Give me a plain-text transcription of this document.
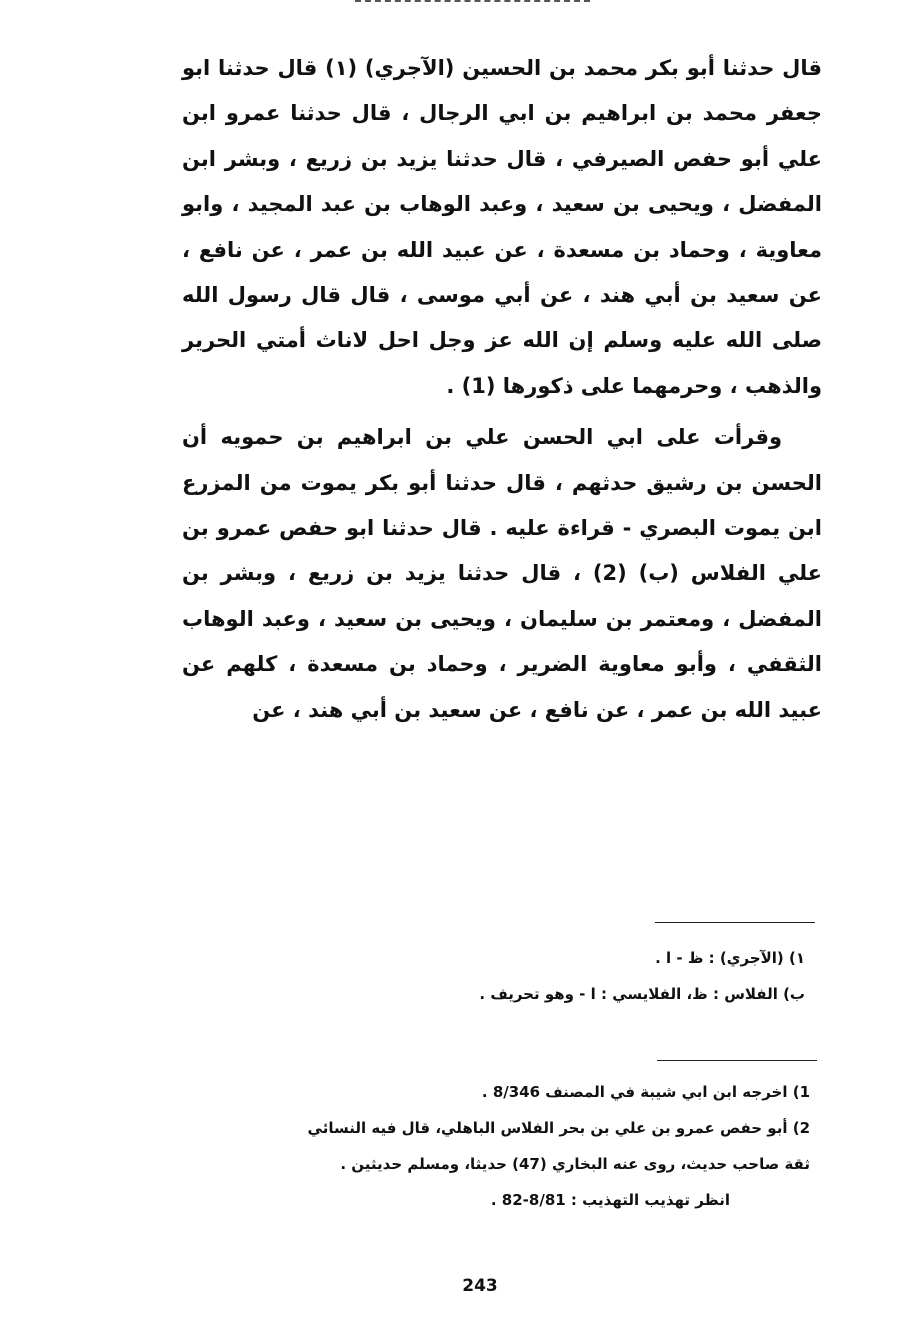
قال حدثنا أبو بكر محمد بن الحسين (الآجري) (١) قال حدثنا ابو جعفر محمد بن ابراهيم بن ابي الرجال ، قال حدثنا عمرو ابن علي أبو حفص الصيرفي ، قال حدثنا يزيد بن زريع ، وبشر ابن المفضل ، ويحيى بن سعيد ، وعبد الوهاب بن عبد المجيد ، وابو معاوية ، وحماد بن مسعدة ، عن عبيد الله بن عمر ، عن نافع ، عن سعيد بن أبي هند ، عن أبي موسى ، قال قال رسول الله صلى الله عليه وسلم إن الله عز وجل احل لاناث أمتي الحرير والذهب ، وحرمهما على ذكورها (1) .

وقرأت على ابي الحسن علي بن ابراهيم بن حمويه أن الحسن بن رشيق حدثهم ، قال حدثنا أبو بكر يموت من المزرع ابن يموت البصري - قراءة عليه . قال حدثنا ابو حفص عمرو بن علي الفلاس (ب) (2) ، قال حدثنا يزيد بن زريع ، وبشر بن المفضل ، ومعتمر بن سليمان ، ويحيى بن سعيد ، وعبد الوهاب الثقفي ، وأبو معاوية الضرير ، وحماد بن مسعدة ، كلهم عن عبيد الله بن عمر ، عن نافع ، عن سعيد بن أبي هند ، عن

١) (الآجري) : ظ - ا .
ب) الفلاس : ظ، الفلايسي : ا - وهو تحريف .
1) اخرجه ابن ابي شيبة في المصنف 8/346 .
2) أبو حفص عمرو بن علي بن بحر الفلاس الباهلي، قال فيه النسائي
ثقة صاحب حديث، روى عنه البخاري (47) حديثا، ومسلم حديثين .
انظر تهذيب التهذيب : 8/81-82 .
243
